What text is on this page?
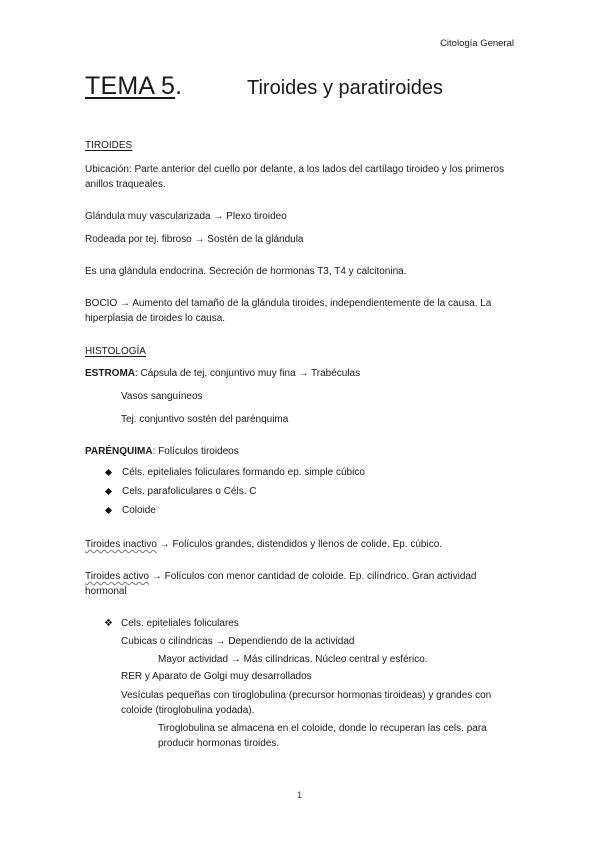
Citología General
TEMA 5.	Tiroides y paratiroides
TIROIDES
Ubicación: Parte anterior del cuello por delante, a los lados del cartílago tiroideo y los primeros
anillos traqueales.
Glándula muy vascularizada → Plexo tiroideo
Rodeada por tej. fibroso → Sostén de la glándula
Es una glándula endocrina. Secreción de hormonas T3, T4 y calcitonina.
BOCIO → Aumento del tamaño de la glándula tiroides, independientemente de la causa. La
hiperplasia de tiroides lo causa.
HISTOLOGÍA
ESTROMA: Cápsula de tej. conjuntivo muy fina → Trabéculas
Vasos sanguíneos
Tej. conjuntivo sostén del parénquima
PARÉNQUIMA: Folículos tiroideos
Céls. epiteliales foliculares formando ep. simple cúbico
Cels. parafoliculares o Céls. C
Coloide
Tiroides inactivo → Folículos grandes, distendidos y llenos de colide. Ep. cúbico.
Tiroides activo → Folículos con menor cantidad de coloide. Ep. cilíndrico. Gran actividad
hormonal
❖ Cels. epiteliales foliculares
Cubicas o cilíndricas → Dependiendo de la actividad
Mayor actividad → Más cilíndricas. Núcleo central y esférico.
RER y Aparato de Golgi muy desarrollados
Vesículas pequeñas con tiroglobulina (precursor hormonas tiroideas) y grandes con
coloide (tiroglobulina yodada).
Tiroglobulina se almacena en el coloide, donde lo recuperan las cels. para
producir hormonas tiroides.
1
